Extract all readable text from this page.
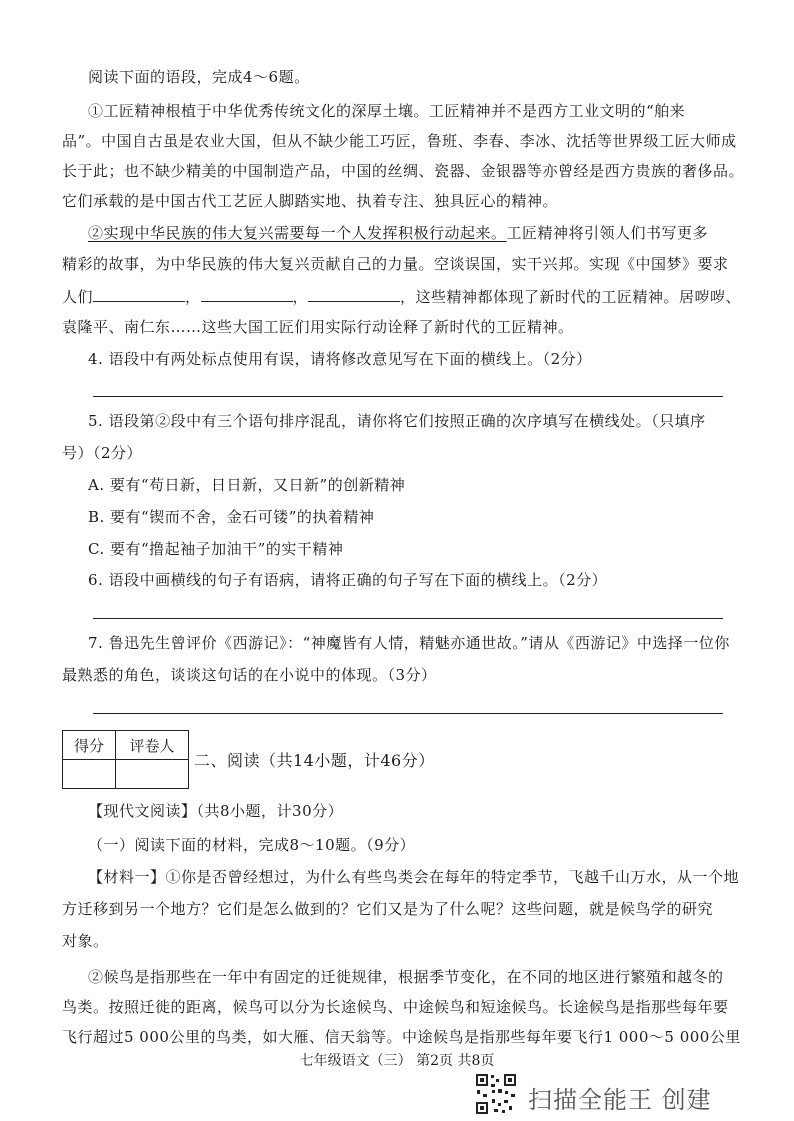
阅读下面的语段，完成4～6题。
①工匠精神根植于中华优秀传统文化的深厚土壤。工匠精神并不是西方工业文明的“舶来
品”。中国自古虽是农业大国，但从不缺少能工巧匠，鲁班、李春、李冰、沈括等世界级工匠大师成
长于此；也不缺少精美的中国制造产品，中国的丝绸、瓷器、金银器等亦曾经是西方贵族的奢侈品。
它们承载的是中国古代工艺匠人脚踏实地、执着专注、独具匠心的精神。
②实现中华民族的伟大复兴需要每一个人发挥积极行动起来。工匠精神将引领人们书写更多
精彩的故事，为中华民族的伟大复兴贡献自己的力量。空谈误国，实干兴邦。实现《中国梦》要求
人们	，	，	，这些精神都体现了新时代的工匠精神。居哕哕、
袁隆平、南仁东……这些大国工匠们用实际行动诠释了新时代的工匠精神。
4. 语段中有两处标点使用有误，请将修改意见写在下面的横线上。（2分）
5. 语段第②段中有三个语句排序混乱，请你将它们按照正确的次序填写在横线处。（只填序
号）（2分）
A. 要有“苟日新，日日新，又日新”的创新精神
B. 要有“锲而不舍，金石可镂”的执着精神
C. 要有“撸起袖子加油干”的实干精神
6. 语段中画横线的句子有语病，请将正确的句子写在下面的横线上。（2分）
7. 鲁迅先生曾评价《西游记》：“神魔皆有人情，精魅亦通世故。”请从《西游记》中选择一位你
最熟悉的角色，谈谈这句话的在小说中的体现。（3分）
得分	评卷人

二、阅读（共14小题，计46分）
【现代文阅读】（共8小题，计30分）
（一）阅读下面的材料，完成8～10题。（9分）
【材料一】①你是否曾经想过，为什么有些鸟类会在每年的特定季节，飞越千山万水，从一个地
方迁移到另一个地方？它们是怎么做到的？它们又是为了什么呢？这些问题，就是候鸟学的研究
对象。
②候鸟是指那些在一年中有固定的迁徙规律，根据季节变化，在不同的地区进行繁殖和越冬的
鸟类。按照迁徙的距离，候鸟可以分为长途候鸟、中途候鸟和短途候鸟。长途候鸟是指那些每年要
飞行超过5 000公里的鸟类，如大雁、信天翁等。中途候鸟是指那些每年要飞行1 000～5 000公里
七年级语文（三） 第2页 共8页
扫描全能王 创建
